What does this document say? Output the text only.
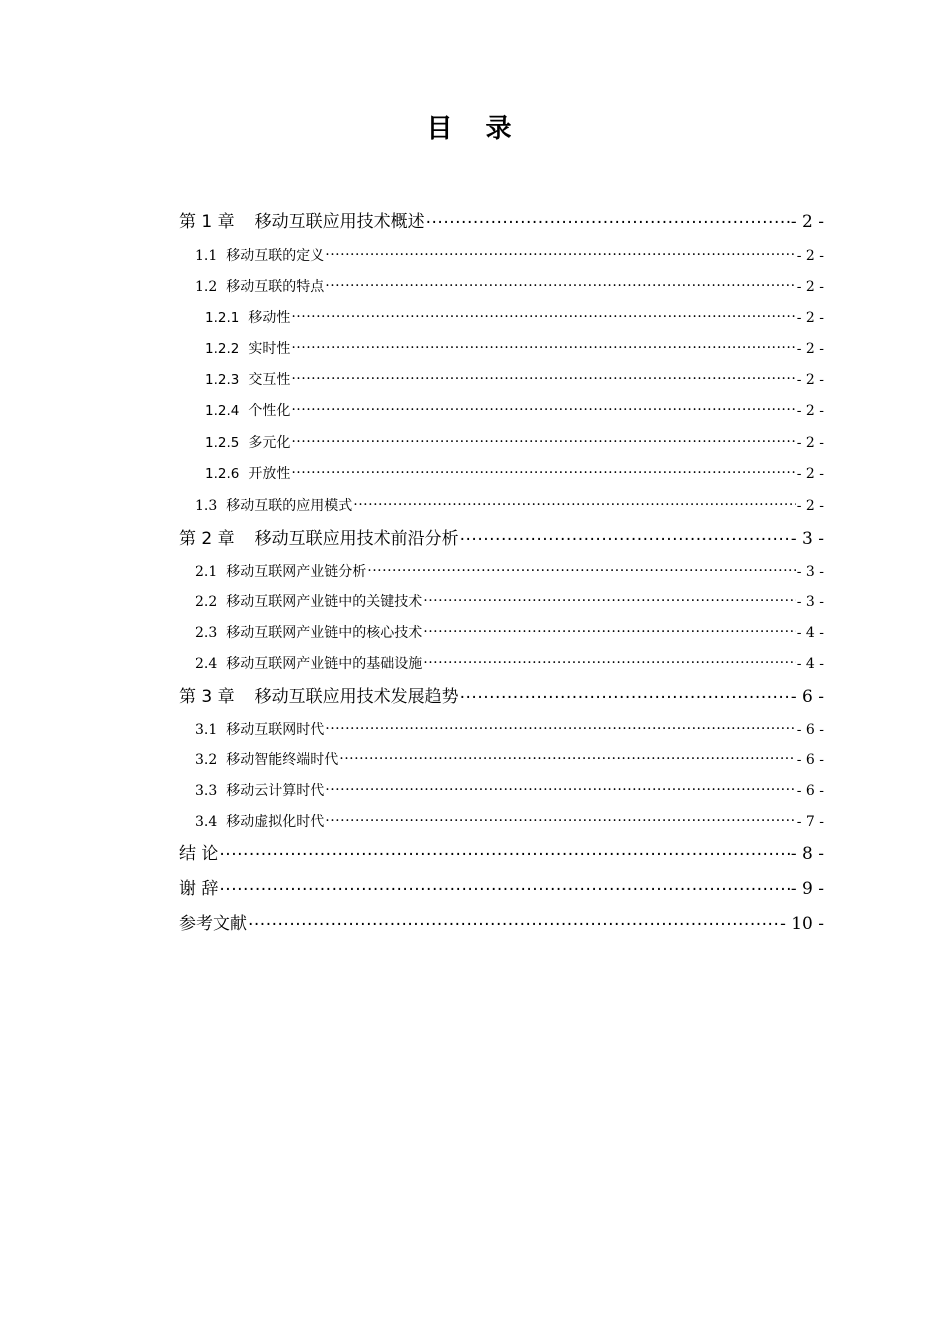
目 录
第 1 章 移动互联应用技术概述 .....	- 2 -
1.1 移动互联的定义 .....	- 2 -
1.2 移动互联的特点 .....	- 2 -
1.2.1 移动性 .....	- 2 -
1.2.2 实时性 .....	- 2 -
1.2.3 交互性 .....	- 2 -
1.2.4 个性化 .....	- 2 -
1.2.5 多元化 .....	- 2 -
1.2.6 开放性 .....	- 2 -
1.3 移动互联的应用模式 .....	- 2 -
第 2 章 移动互联应用技术前沿分析 .....	- 3 -
2.1 移动互联网产业链分析 .....	- 3 -
2.2 移动互联网产业链中的关键技术 .....	- 3 -
2.3 移动互联网产业链中的核心技术 .....	- 4 -
2.4 移动互联网产业链中的基础设施 .....	- 4 -
第 3 章 移动互联应用技术发展趋势 .....	- 6 -
3.1 移动互联网时代 .....	- 6 -
3.2 移动智能终端时代 .....	- 6 -
3.3 移动云计算时代 .....	- 6 -
3.4 移动虚拟化时代 .....	- 7 -
结 论 .....	- 8 -
谢 辞 .....	- 9 -
参考文献 .....	- 10 -
